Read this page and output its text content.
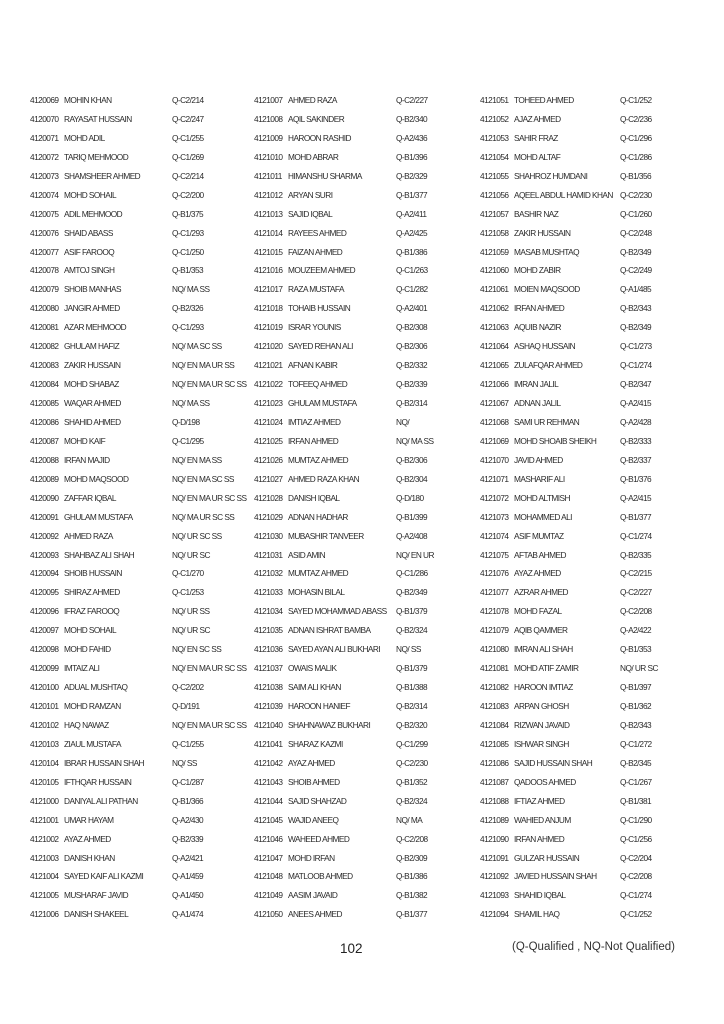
4120069 MOHIN KHAN	Q-C2/214
4120070 RAYASAT HUSSAIN	Q-C2/247
4120071 MOHD ADIL	Q-C1/255
4120072 TARIQ MEHMOOD	Q-C1/269
4120073 SHAMSHEER AHMED	Q-C2/214
4120074 MOHD SOHAIL	Q-C2/200
4120075 ADIL MEHMOOD	Q-B1/375
4120076 SHAID ABASS	Q-C1/293
4120077 ASIF FAROOQ	Q-C1/250
4120078 AMTOJ SINGH	Q-B1/353
4120079 SHOIB MANHAS	NQ/ MA SS
4120080 JANGIR AHMED	Q-B2/326
4120081 AZAR MEHMOOD	Q-C1/293
4120082 GHULAM HAFIZ	NQ/ MA SC SS
4120083 ZAKIR HUSSAIN	NQ/ EN MA UR SS
4120084 MOHD SHABAZ	NQ/ EN MA UR SC SS
4120085 WAQAR AHMED	NQ/ MA SS
4120086 SHAHID AHMED	Q-D/198
4120087 MOHD KAIF	Q-C1/295
4120088 IRFAN MAJID	NQ/ EN MA SS
4120089 MOHD MAQSOOD	NQ/ EN MA SC SS
4120090 ZAFFAR IQBAL	NQ/ EN MA UR SC SS
4120091 GHULAM MUSTAFA	NQ/ MA UR SC SS
4120092 AHMED RAZA	NQ/ UR SC SS
4120093 SHAHBAZ ALI SHAH	NQ/ UR SC
4120094 SHOIB HUSSAIN	Q-C1/270
4120095 SHIRAZ AHMED	Q-C1/253
4120096 IFRAZ FAROOQ	NQ/ UR SS
4120097 MOHD SOHAIL	NQ/ UR SC
4120098 MOHD FAHID	NQ/ EN SC SS
4120099 IMTAIZ ALI	NQ/ EN MA UR SC SS
4120100 ADUAL MUSHTAQ	Q-C2/202
4120101 MOHD RAMZAN	Q-D/191
4120102 HAQ NAWAZ	NQ/ EN MA UR SC SS
4120103 ZIAUL MUSTAFA	Q-C1/255
4120104 IBRAR HUSSAIN SHAH	NQ/ SS
4120105 IFTHQAR HUSSAIN	Q-C1/287
4121000 DANIYAL ALI PATHAN	Q-B1/366
4121001 UMAR HAYAM	Q-A2/430
4121002 AYAZ AHMED	Q-B2/339
4121003 DANISH KHAN	Q-A2/421
4121004 SAYED KAIF ALI KAZMI	Q-A1/459
4121005 MUSHARAF JAVID	Q-A1/450
4121006 DANISH SHAKEEL	Q-A1/474
4121007 AHMED RAZA	Q-C2/227
4121008 AQIL SAKINDER	Q-B2/340
4121009 HAROON RASHID	Q-A2/436
4121010 MOHD ABRAR	Q-B1/396
4121011 HIMANSHU SHARMA	Q-B2/329
4121012 ARYAN SURI	Q-B1/377
4121013 SAJID IQBAL	Q-A2/411
4121014 RAYEES AHMED	Q-A2/425
4121015 FAIZAN AHMED	Q-B1/386
4121016 MOUZEEM AHMED	Q-C1/263
4121017 RAZA MUSTAFA	Q-C1/282
4121018 TOHAIB HUSSAIN	Q-A2/401
4121019 ISRAR YOUNIS	Q-B2/308
4121020 SAYED REHAN ALI	Q-B2/306
4121021 AFNAN KABIR	Q-B2/332
4121022 TOFEEQ AHMED	Q-B2/339
4121023 GHULAM MUSTAFA	Q-B2/314
4121024 IMTIAZ AHMED	NQ/
4121025 IRFAN AHMED	NQ/ MA SS
4121026 MUMTAZ AHMED	Q-B2/306
4121027 AHMED RAZA KHAN	Q-B2/304
4121028 DANISH IQBAL	Q-D/180
4121029 ADNAN HADHAR	Q-B1/399
4121030 MUBASHIR TANVEER	Q-A2/408
4121031 ASID AMIN	NQ/ EN UR
4121032 MUMTAZ AHMED	Q-C1/286
4121033 MOHASIN BILAL	Q-B2/349
4121034 SAYED MOHAMMAD ABASS Q-B1/379
4121035 ADNAN ISHRAT BAMBA	Q-B2/324
4121036 SAYED AYAN ALI BUKHARI NQ/ SS
4121037 OWAIS MALIK	Q-B1/379
4121038 SAIM ALI KHAN	Q-B1/388
4121039 HAROON HANIEF	Q-B2/314
4121040 SHAHNAWAZ BUKHARI	Q-B2/320
4121041 SHARAZ KAZMI	Q-C1/299
4121042 AYAZ AHMED	Q-C2/230
4121043 SHOIB AHMED	Q-B1/352
4121044 SAJID SHAHZAD	Q-B2/324
4121045 WAJID ANEEQ	NQ/ MA
4121046 WAHEED AHMED	Q-C2/208
4121047 MOHD IRFAN	Q-B2/309
4121048 MATLOOB AHMED	Q-B1/386
4121049 AASIM JAVAID	Q-B1/382
4121050 ANEES AHMED	Q-B1/377
4121051 TOHEED AHMED	Q-C1/252
4121052 AJAZ AHMED	Q-C2/236
4121053 SAHIR FRAZ	Q-C1/296
4121054 MOHD ALTAF	Q-C1/286
4121055 SHAHROZ HUMDANI	Q-B1/356
4121056 AQEEL ABDUL HAMID KHAN Q-C2/230
4121057 BASHIR NAZ	Q-C1/260
4121058 ZAKIR HUSSAIN	Q-C2/248
4121059 MASAB MUSHTAQ	Q-B2/349
4121060 MOHD ZABIR	Q-C2/249
4121061 MOIEN MAQSOOD	Q-A1/485
4121062 IRFAN AHMED	Q-B2/343
4121063 AQUIB NAZIR	Q-B2/349
4121064 ASHAQ HUSSAIN	Q-C1/273
4121065 ZULAFQAR AHMED	Q-C1/274
4121066 IMRAN JALIL	Q-B2/347
4121067 ADNAN JALIL	Q-A2/415
4121068 SAMI UR REHMAN	Q-A2/428
4121069 MOHD SHOAIB SHEIKH	Q-B2/333
4121070 JAVID AHMED	Q-B2/337
4121071 MASHARIF ALI	Q-B1/376
4121072 MOHD ALTMISH	Q-A2/415
4121073 MOHAMMED ALI	Q-B1/377
4121074 ASIF MUMTAZ	Q-C1/274
4121075 AFTAB AHMED	Q-B2/335
4121076 AYAZ AHMED	Q-C2/215
4121077 AZRAR AHMED	Q-C2/227
4121078 MOHD FAZAL	Q-C2/208
4121079 AQIB QAMMER	Q-A2/422
4121080 IMRAN ALI SHAH	Q-B1/353
4121081 MOHD ATIF ZAMIR	NQ/ UR SC
4121082 HAROON IMTIAZ	Q-B1/397
4121083 ARPAN GHOSH	Q-B1/362
4121084 RIZWAN JAVAID	Q-B2/343
4121085 ISHWAR SINGH	Q-C1/272
4121086 SAJID HUSSAIN SHAH	Q-B2/345
4121087 QADOOS AHMED	Q-C1/267
4121088 IFTIAZ AHMED	Q-B1/381
4121089 WAHIED ANJUM	Q-C1/290
4121090 IRFAN AHMED	Q-C1/256
4121091 GULZAR HUSSAIN	Q-C2/204
4121092 JAVIED HUSSAIN SHAH	Q-C2/208
4121093 SHAHID IQBAL	Q-C1/274
4121094 SHAMIL HAQ	Q-C1/252
102	(Q-Qualified , NQ-Not Qualified)
